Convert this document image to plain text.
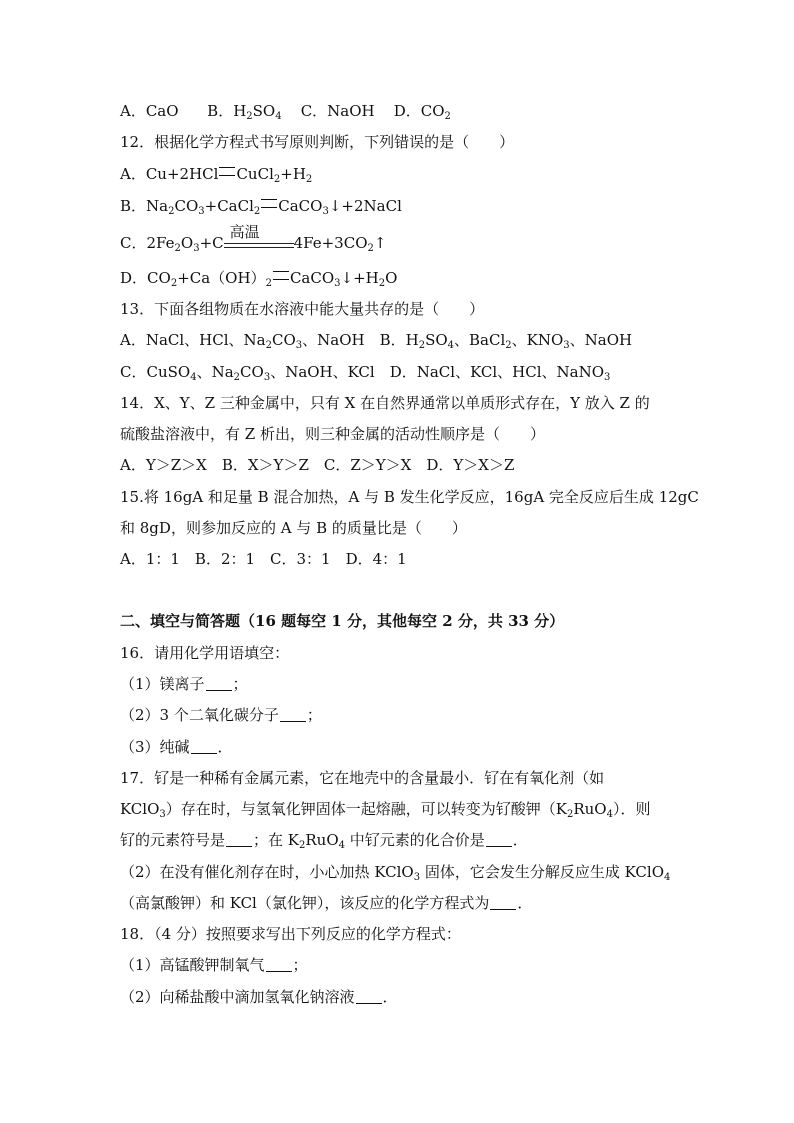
A．CaO B．$H_2SO_4$ C．NaOH D．$CO_2$
12．根据化学方程式书写原则判断，下列错误的是（　　）
A．Cu+2HCl $CuCl_2+H_2$
B．$Na_2CO_3+CaCl_2$ CaCO$_3$↓+2NaCl
C．$2Fe_2O_3+C$
高温
$4Fe+3CO_2↑$
D．$CO_2+Ca(OH)_2$ $CaCO_3↓+H_2O$
13．下面各组物质在水溶液中能大量共存的是（　　）
A．NaCl、HCl、$Na_2CO_3$、NaOH　B．$H_2SO_4$、BaCl$_2$、$KNO_3$、NaOH
C．CuSO$_4$、$Na_2CO_3$、NaOH、KCl　D．NaCl、KCl、HCl、NaNO$_3$
14．X、Y、Z 三种金属中，只有 X 在自然界通常以单质形式存在，Y 放入 Z 的
硫酸盐溶液中，有 Z 析出，则三种金属的活动性顺序是（　　）
A．Y＞Z＞X　B．X＞Y＞Z　C．Z＞Y＞X　D．Y＞X＞Z
15.将 16gA 和足量 B 混合加热，A 与 B 发生化学反应，16gA 完全反应后生成 12gC
和 8gD，则参加反应的 A 与 B 的质量比是（　　）
A．1：1　B．2：1　C．3：1　D．4：1
二、填空与简答题（16 题每空 1 分，其他每空 2 分，共 33 分）
16．请用化学用语填空：
（1）镁离子 ；
（2）3 个二氧化碳分子 ；
（3）纯碱 ．
17．钌是一种稀有金属元素，它在地壳中的含量最小．钌在有氧化剂（如
KClO$_3$）存在时，与氢氧化钾固体一起熔融，可以转变为钌酸钾$(K_2RuO_4)$．则
钌的元素符号是 ；在 $K_2RuO_4$ 中钌元素的化合价是 ．
（2）在没有催化剂存在时，小心加热 KClO$_3$ 固体，它会发生分解反应生成 KClO$_4$
（高氯酸钾）和 KCl（氯化钾），该反应的化学方程式为 ．
18．（4 分）按照要求写出下列反应的化学方程式：
（1）高锰酸钾制氧气 ；
（2）向稀盐酸中滴加氢氧化钠溶液 ．
